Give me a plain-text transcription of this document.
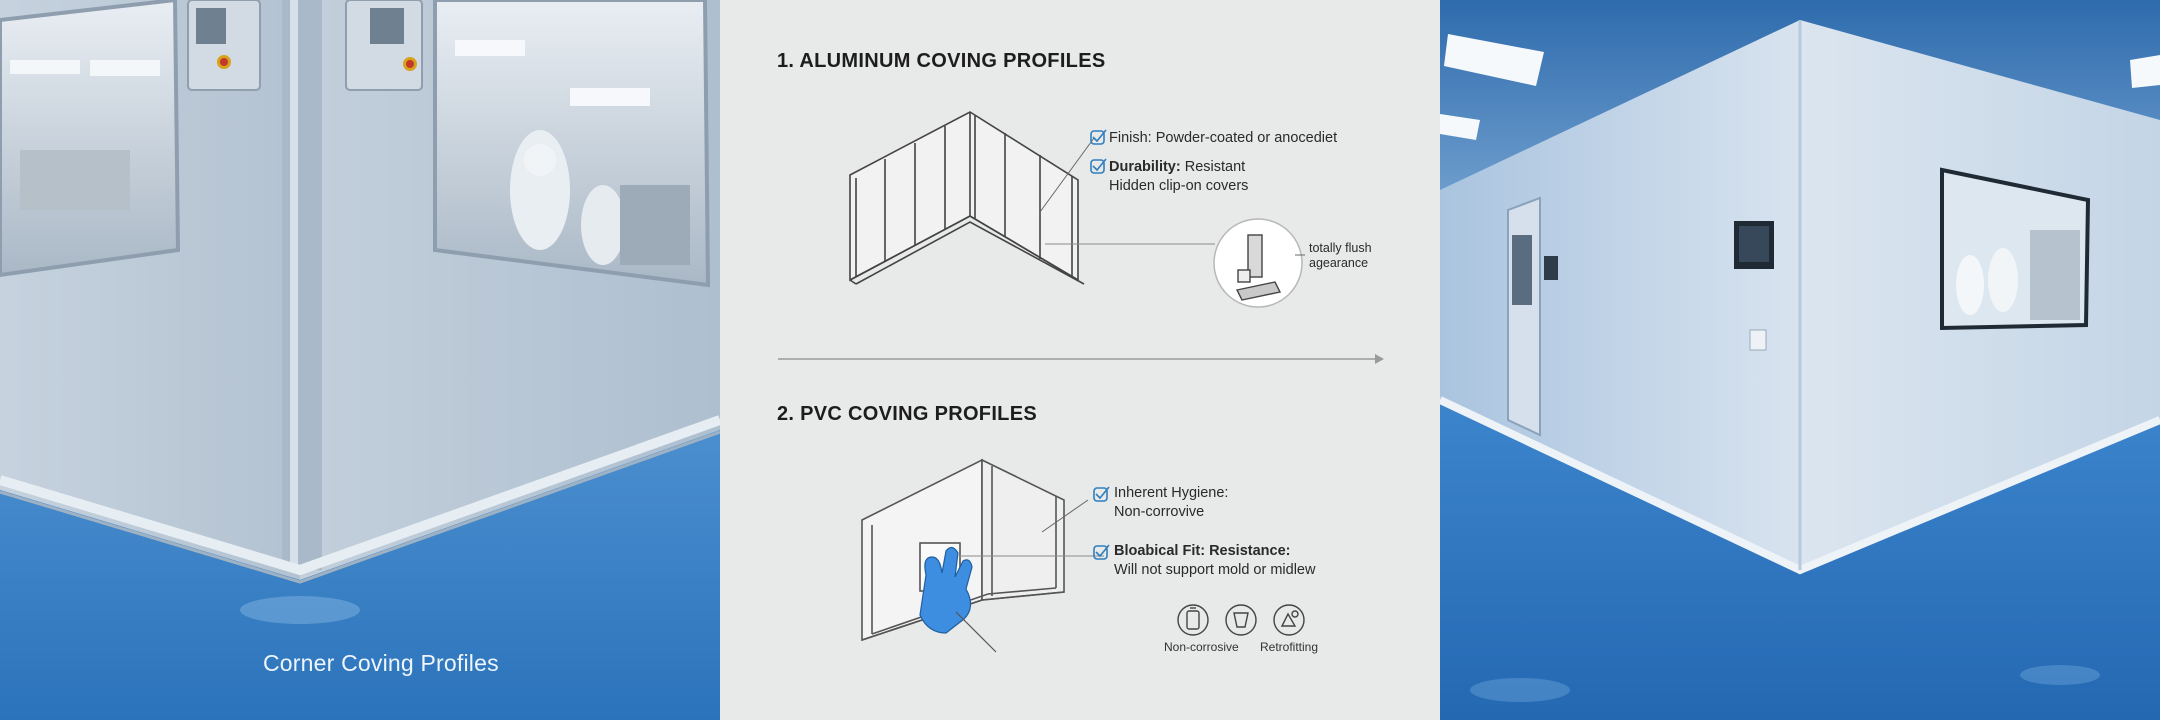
Corner Coving Profiles
1. ALUMINUM COVING PROFILES
Finish: Powder-coated or anocediet
Durability: Resistant
Hidden clip-on covers
totally flush
agearance
2. PVC COVING PROFILES
Inherent Hygiene:
Non-corrovive
Bloabical Fit: Resistance:
Will not support mold or midlew
Non-corrosive Retrofitting
